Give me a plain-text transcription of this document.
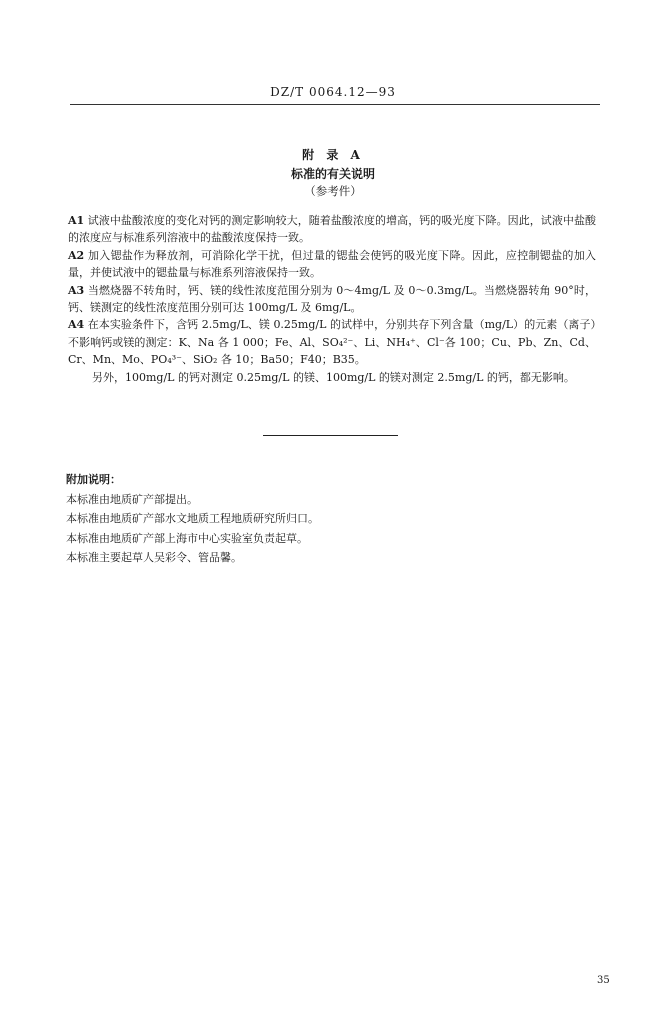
DZ/T 0064.12—93
附 录 A
标准的有关说明
（参考件）

A1 试液中盐酸浓度的变化对钙的测定影响较大，随着盐酸浓度的增高，钙的吸光度下降。因此，试液中盐酸的浓度应与标准系列溶液中的盐酸浓度保持一致。

A2 加入锶盐作为释放剂，可消除化学干扰，但过量的锶盐会使钙的吸光度下降。因此，应控制锶盐的加入量，并使试液中的锶盐量与标准系列溶液保持一致。

A3 当燃烧器不转角时，钙、镁的线性浓度范围分别为 0～4mg/L 及 0～0.3mg/L。当燃烧器转角 90°时，钙、镁测定的线性浓度范围分别可达 100mg/L 及 6mg/L。

A4 在本实验条件下，含钙 2.5mg/L、镁 0.25mg/L 的试样中，分别共存下列含量（mg/L）的元素（离子）不影响钙或镁的测定：K、Na 各 1 000；Fe、Al、SO₄²⁻、Li、NH₄⁺、Cl⁻各 100；Cu、Pb、Zn、Cd、Cr、Mn、Mo、PO₄³⁻、SiO₂ 各 10；Ba50；F40；B35。

另外，100mg/L 的钙对测定 0.25mg/L 的镁、100mg/L 的镁对测定 2.5mg/L 的钙，都无影响。

附加说明：

本标准由地质矿产部提出。

本标准由地质矿产部水文地质工程地质研究所归口。

本标准由地质矿产部上海市中心实验室负责起草。

本标准主要起草人吴彩令、管品馨。

35
